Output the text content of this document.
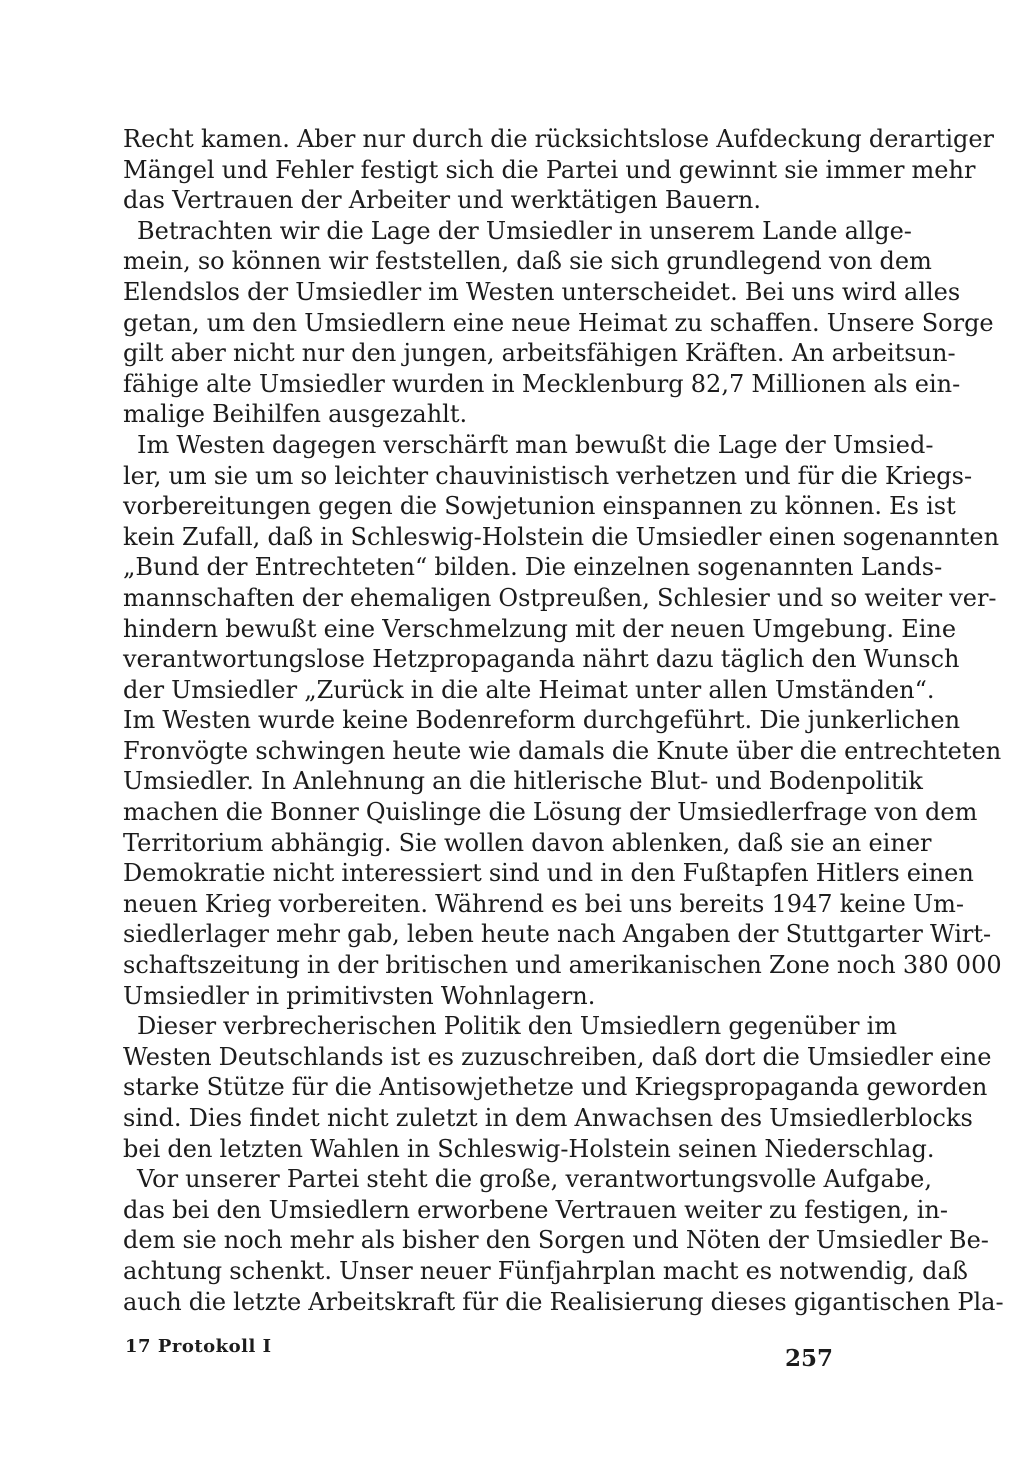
Recht kamen. Aber nur durch die rücksichtslose Aufdeckung derartiger
Mängel und Fehler festigt sich die Partei und gewinnt sie immer mehr
das Vertrauen der Arbeiter und werktätigen Bauern.
Betrachten wir die Lage der Umsiedler in unserem Lande allge-
mein, so können wir feststellen, daß sie sich grundlegend von dem
Elendslos der Umsiedler im Westen unterscheidet. Bei uns wird alles
getan, um den Umsiedlern eine neue Heimat zu schaffen. Unsere Sorge
gilt aber nicht nur den jungen, arbeitsfähigen Kräften. An arbeitsun-
fähige alte Umsiedler wurden in Mecklenburg 82,7 Millionen als ein-
malige Beihilfen ausgezahlt.
Im Westen dagegen verschärft man bewußt die Lage der Umsied-
ler, um sie um so leichter chauvinistisch verhetzen und für die Kriegs-
vorbereitungen gegen die Sowjetunion einspannen zu können. Es ist
kein Zufall, daß in Schleswig-Holstein die Umsiedler einen sogenannten
„Bund der Entrechteten“ bilden. Die einzelnen sogenannten Lands-
mannschaften der ehemaligen Ostpreußen, Schlesier und so weiter ver-
hindern bewußt eine Verschmelzung mit der neuen Umgebung. Eine
verantwortungslose Hetzpropaganda nährt dazu täglich den Wunsch
der Umsiedler „Zurück in die alte Heimat unter allen Umständen“.
Im Westen wurde keine Bodenreform durchgeführt. Die junkerlichen
Fronvögte schwingen heute wie damals die Knute über die entrechteten
Umsiedler. In Anlehnung an die hitlerische Blut- und Bodenpolitik
machen die Bonner Quislinge die Lösung der Umsiedlerfrage von dem
Territorium abhängig. Sie wollen davon ablenken, daß sie an einer
Demokratie nicht interessiert sind und in den Fußtapfen Hitlers einen
neuen Krieg vorbereiten. Während es bei uns bereits 1947 keine Um-
siedlerlager mehr gab, leben heute nach Angaben der Stuttgarter Wirt-
schaftszeitung in der britischen und amerikanischen Zone noch 380 000
Umsiedler in primitivsten Wohnlagern.
Dieser verbrecherischen Politik den Umsiedlern gegenüber im
Westen Deutschlands ist es zuzuschreiben, daß dort die Umsiedler eine
starke Stütze für die Antisowjethetze und Kriegspropaganda geworden
sind. Dies findet nicht zuletzt in dem Anwachsen des Umsiedlerblocks
bei den letzten Wahlen in Schleswig-Holstein seinen Niederschlag.
Vor unserer Partei steht die große, verantwortungsvolle Aufgabe,
das bei den Umsiedlern erworbene Vertrauen weiter zu festigen, in-
dem sie noch mehr als bisher den Sorgen und Nöten der Umsiedler Be-
achtung schenkt. Unser neuer Fünfjahrplan macht es notwendig, daß
auch die letzte Arbeitskraft für die Realisierung dieses gigantischen Pla-
17 Protokoll I	257
